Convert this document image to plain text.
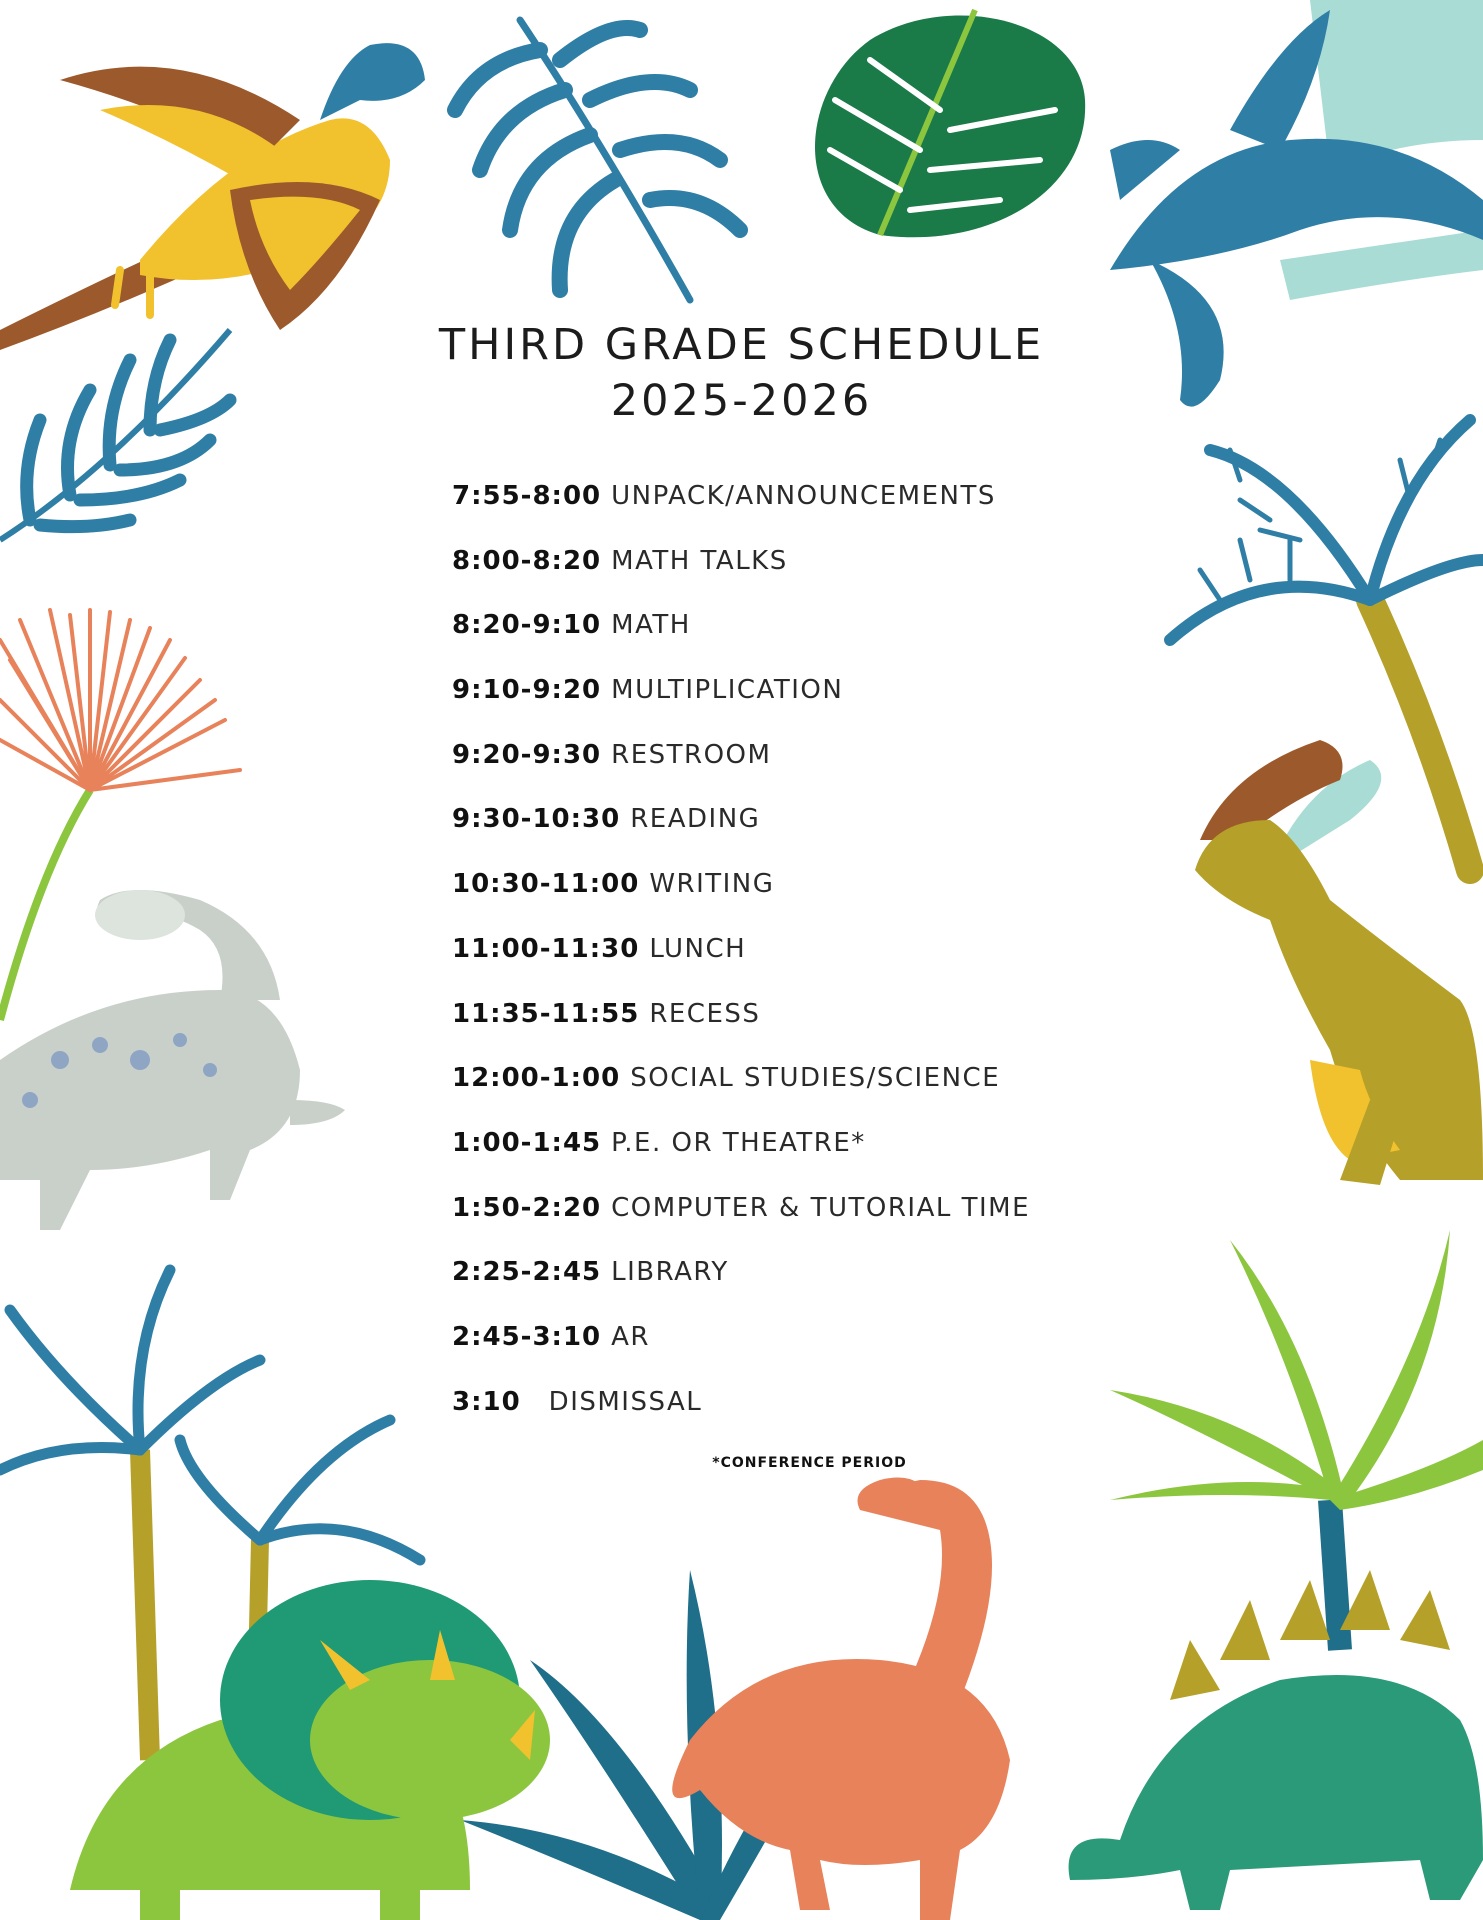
THIRD GRADE SCHEDULE
2025-2026
7:55-8:00 UNPACK/ANNOUNCEMENTS
8:00-8:20 MATH TALKS
8:20-9:10 MATH
9:10-9:20 MULTIPLICATION
9:20-9:30 RESTROOM
9:30-10:30 READING
10:30-11:00 WRITING
11:00-11:30 LUNCH
11:35-11:55 RECESS
12:00-1:00 SOCIAL STUDIES/SCIENCE
1:00-1:45 P.E. OR THEATRE*
1:50-2:20 COMPUTER & TUTORIAL TIME
2:25-2:45 LIBRARY
2:45-3:10 AR
3:10 DISMISSAL
*CONFERENCE PERIOD
